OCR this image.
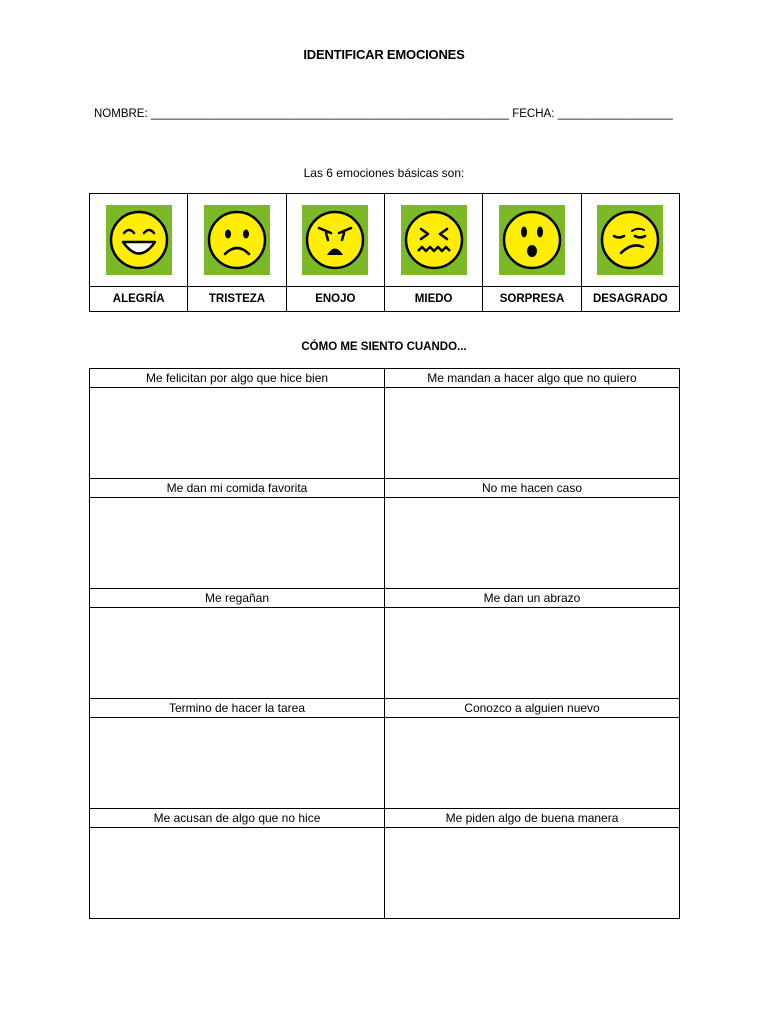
IDENTIFICAR EMOCIONES
NOMBRE: ________________________________________________________ FECHA: __________________
Las 6 emociones básicas son:

ALEGRÍA	TRISTEZA	ENOJO	MIEDO	SORPRESA	DESAGRADO
CÓMO ME SIENTO CUANDO...
Me felicitan por algo que hice bien	Me mandan a hacer algo que no quiero

Me dan mi comida favorita	No me hacen caso

Me regañan	Me dan un abrazo

Termino de hacer la tarea	Conozco a alguien nuevo

Me acusan de algo que no hice	Me piden algo de buena manera
